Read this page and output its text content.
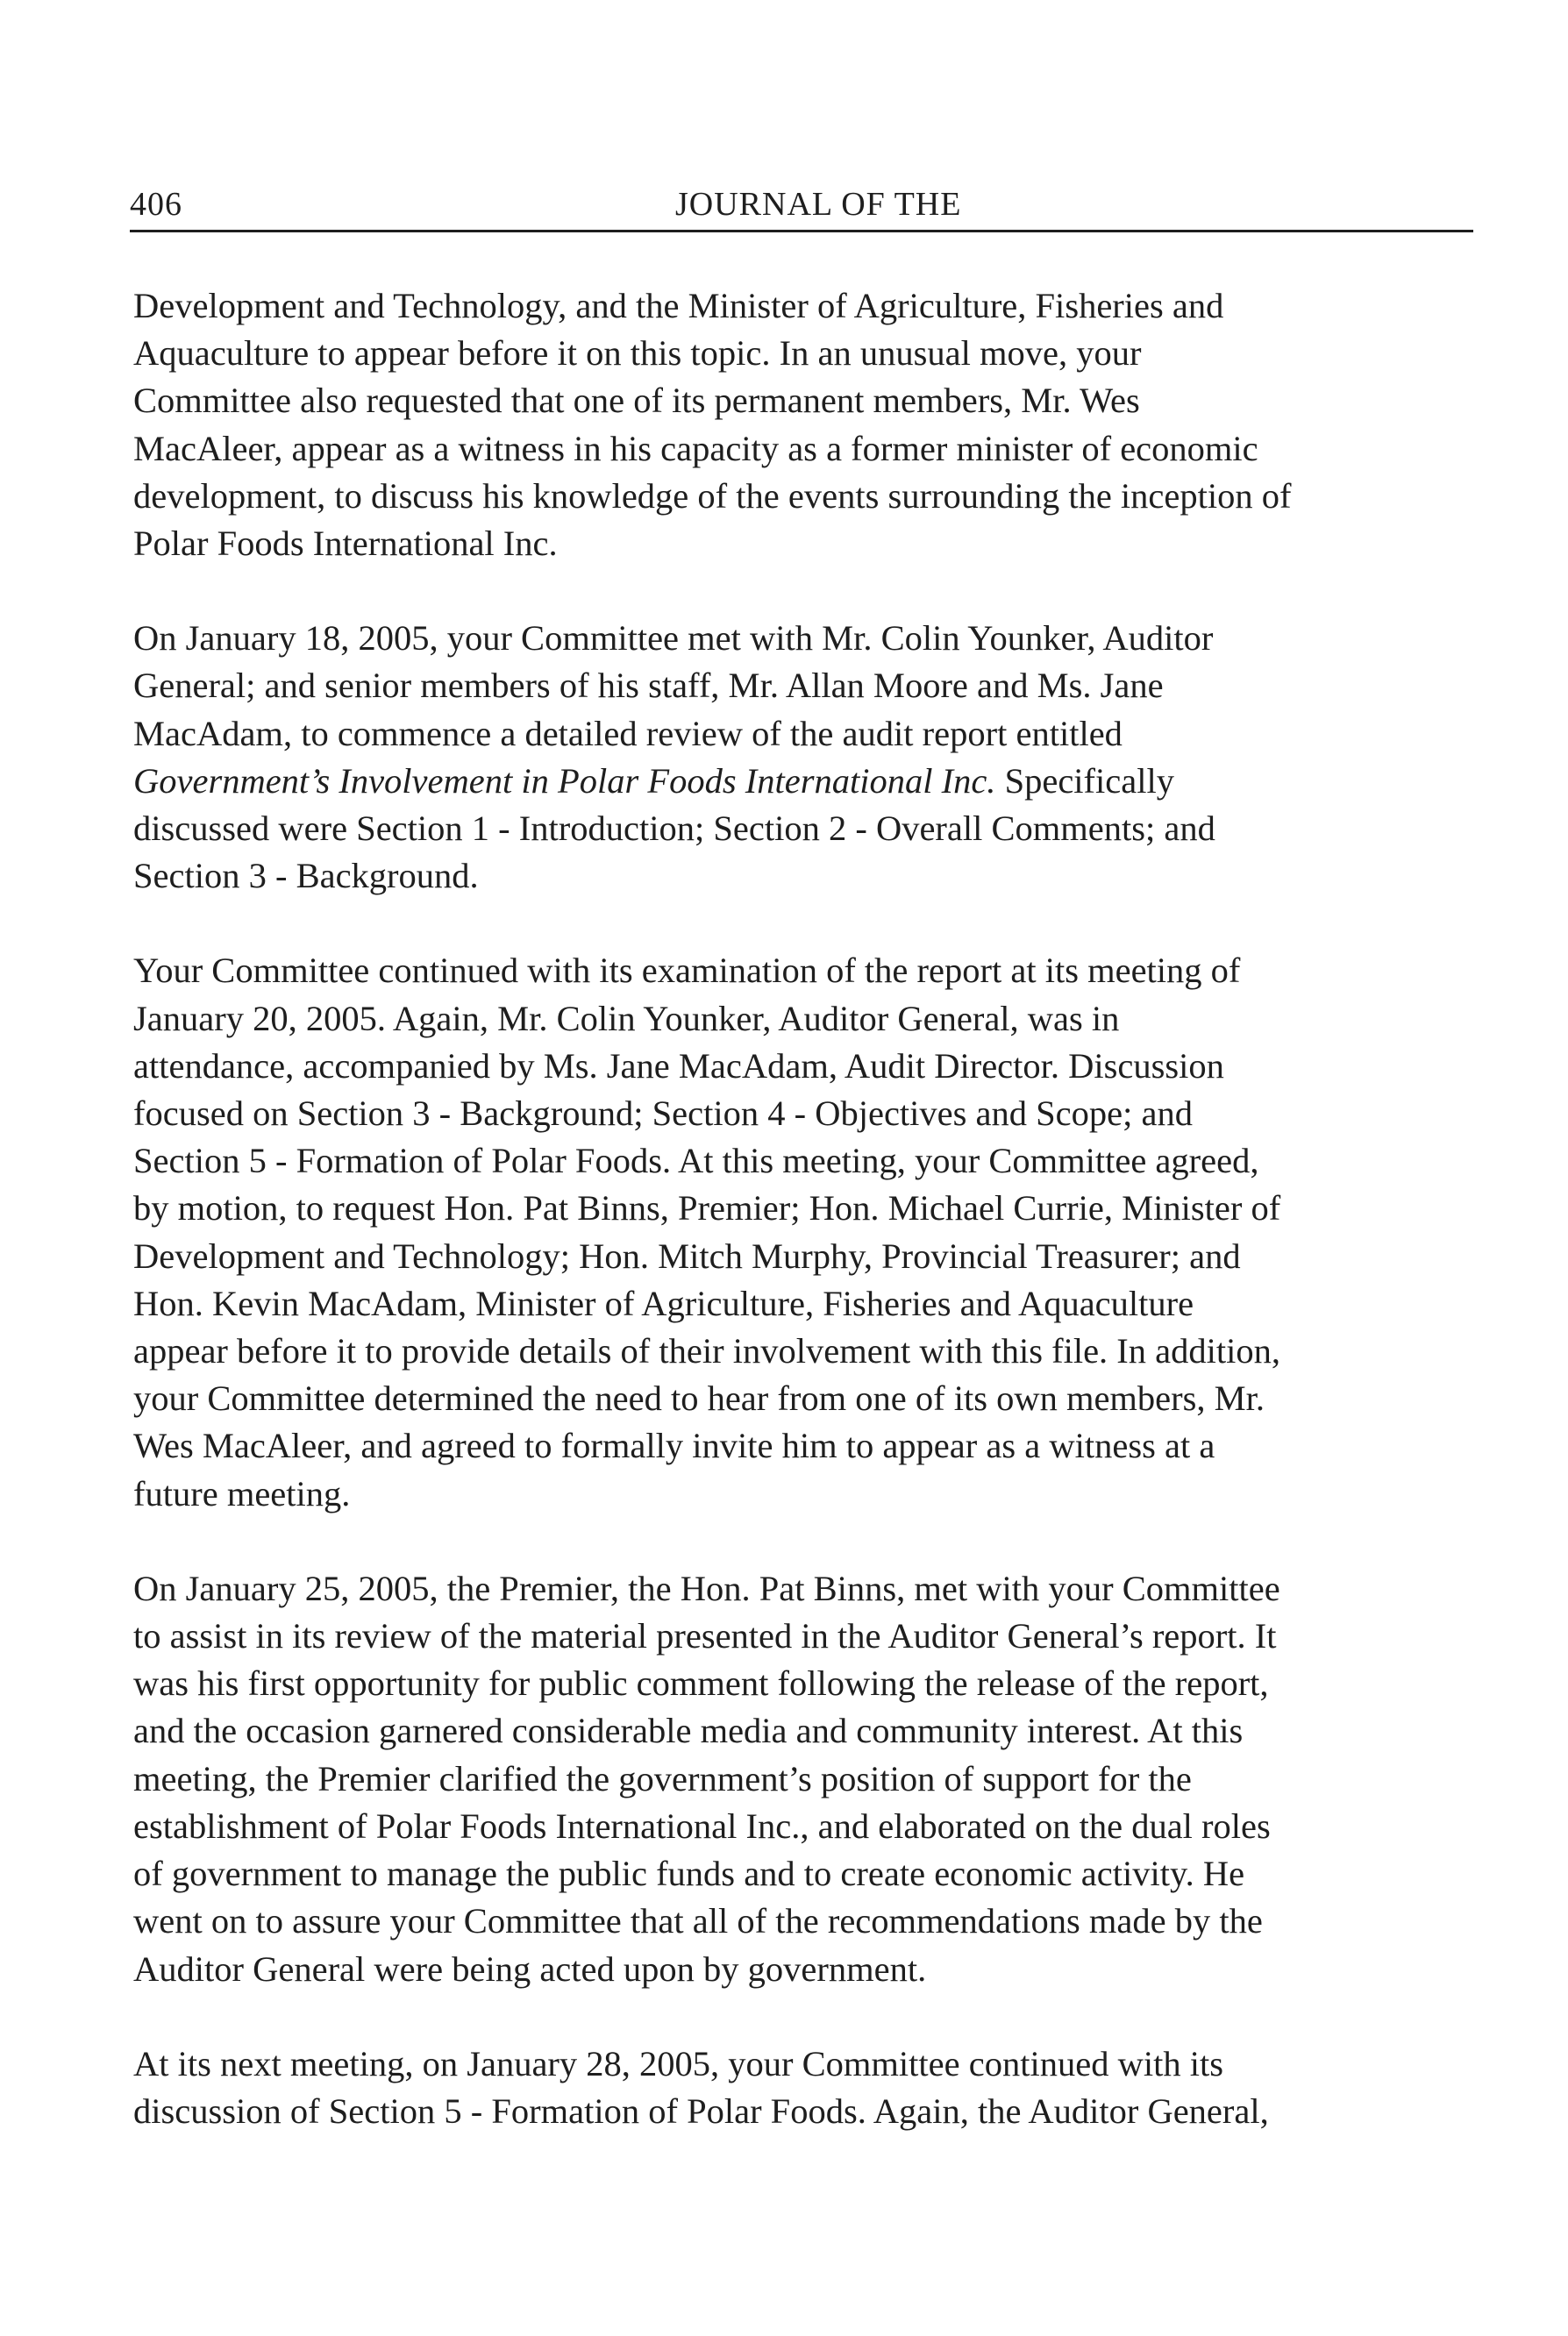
406	JOURNAL OF THE

Development and Technology, and the Minister of Agriculture, Fisheries and
Aquaculture to appear before it on this topic. In an unusual move, your
Committee also requested that one of its permanent members, Mr. Wes
MacAleer, appear as a witness in his capacity as a former minister of economic
development, to discuss his knowledge of the events surrounding the inception of
Polar Foods International Inc.

On January 18, 2005, your Committee met with Mr. Colin Younker, Auditor
General; and senior members of his staff, Mr. Allan Moore and Ms. Jane
MacAdam, to commence a detailed review of the audit report entitled
Government’s Involvement in Polar Foods International Inc. Specifically
discussed were Section 1 - Introduction; Section 2 - Overall Comments; and
Section 3 - Background.

Your Committee continued with its examination of the report at its meeting of
January 20, 2005. Again, Mr. Colin Younker, Auditor General, was in
attendance, accompanied by Ms. Jane MacAdam, Audit Director. Discussion
focused on Section 3 - Background; Section 4 - Objectives and Scope; and
Section 5 - Formation of Polar Foods. At this meeting, your Committee agreed,
by motion, to request Hon. Pat Binns, Premier; Hon. Michael Currie, Minister of
Development and Technology; Hon. Mitch Murphy, Provincial Treasurer; and
Hon. Kevin MacAdam, Minister of Agriculture, Fisheries and Aquaculture
appear before it to provide details of their involvement with this file. In addition,
your Committee determined the need to hear from one of its own members, Mr.
Wes MacAleer, and agreed to formally invite him to appear as a witness at a
future meeting.

On January 25, 2005, the Premier, the Hon. Pat Binns, met with your Committee
to assist in its review of the material presented in the Auditor General’s report. It
was his first opportunity for public comment following the release of the report,
and the occasion garnered considerable media and community interest. At this
meeting, the Premier clarified the government’s position of support for the
establishment of Polar Foods International Inc., and elaborated on the dual roles
of government to manage the public funds and to create economic activity. He
went on to assure your Committee that all of the recommendations made by the
Auditor General were being acted upon by government.

At its next meeting, on January 28, 2005, your Committee continued with its
discussion of Section 5 - Formation of Polar Foods. Again, the Auditor General,
